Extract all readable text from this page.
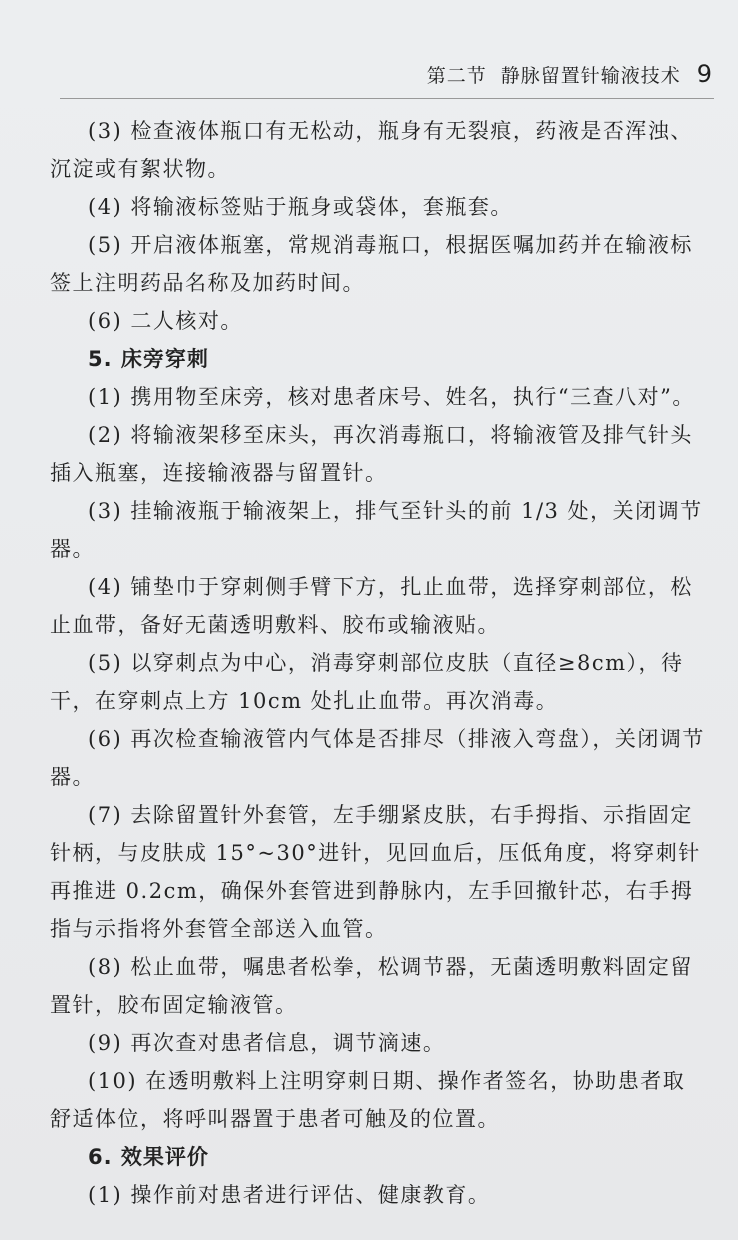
第二节 静脉留置针输液技术 9

(3) 检查液体瓶口有无松动，瓶身有无裂痕，药液是否浑浊、沉淀或有絮状物。

(4) 将输液标签贴于瓶身或袋体，套瓶套。

(5) 开启液体瓶塞，常规消毒瓶口，根据医嘱加药并在输液标签上注明药品名称及加药时间。

(6) 二人核对。

5. 床旁穿刺

(1) 携用物至床旁，核对患者床号、姓名，执行“三查八对”。

(2) 将输液架移至床头，再次消毒瓶口，将输液管及排气针头插入瓶塞，连接输液器与留置针。

(3) 挂输液瓶于输液架上，排气至针头的前 1/3 处，关闭调节器。

(4) 铺垫巾于穿刺侧手臂下方，扎止血带，选择穿刺部位，松止血带，备好无菌透明敷料、胶布或输液贴。

(5) 以穿刺点为中心，消毒穿刺部位皮肤（直径≥8cm），待干，在穿刺点上方 10cm 处扎止血带。再次消毒。

(6) 再次检查输液管内气体是否排尽（排液入弯盘），关闭调节器。

(7) 去除留置针外套管，左手绷紧皮肤，右手拇指、示指固定针柄，与皮肤成 15°~30°进针，见回血后，压低角度，将穿刺针再推进 0.2cm，确保外套管进到静脉内，左手回撤针芯，右手拇指与示指将外套管全部送入血管。

(8) 松止血带，嘱患者松拳，松调节器，无菌透明敷料固定留置针，胶布固定输液管。

(9) 再次查对患者信息，调节滴速。

(10) 在透明敷料上注明穿刺日期、操作者签名，协助患者取舒适体位，将呼叫器置于患者可触及的位置。

6. 效果评价

(1) 操作前对患者进行评估、健康教育。
